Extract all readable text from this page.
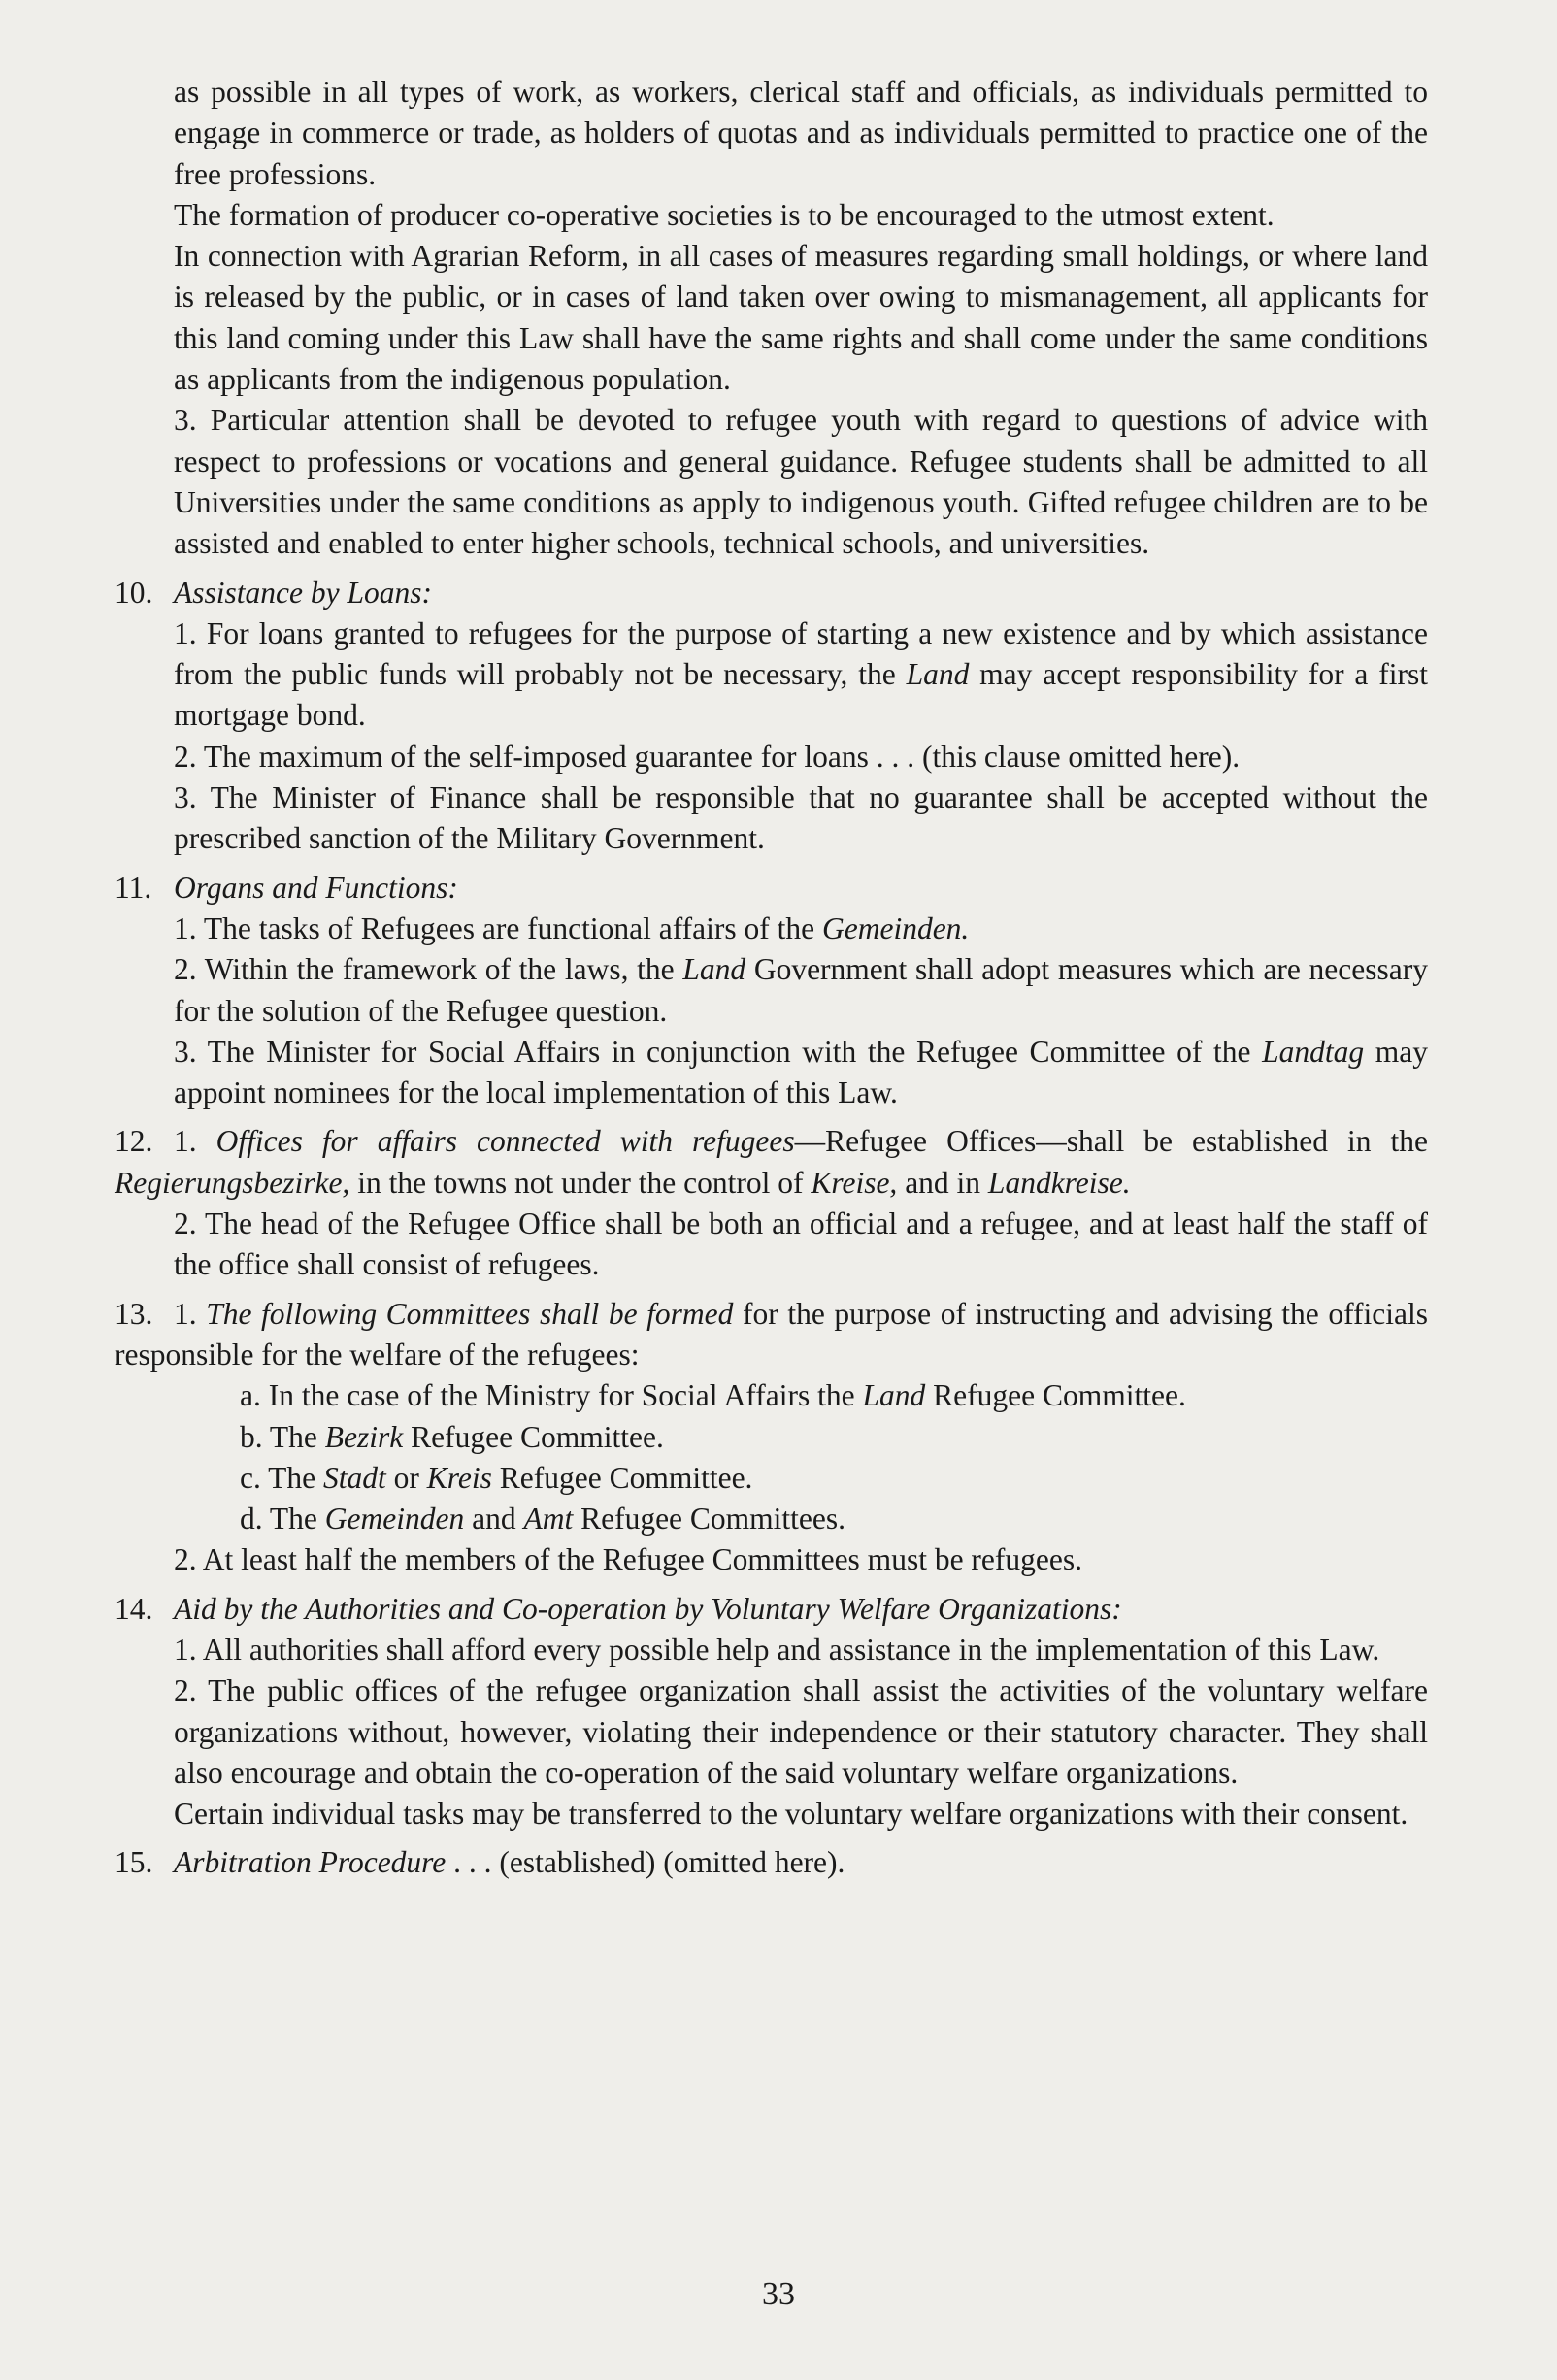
as possible in all types of work, as workers, clerical staff and officials, as individuals permitted to engage in commerce or trade, as holders of quotas and as individuals permitted to practice one of the free professions.

The formation of producer co-operative societies is to be encouraged to the utmost extent.

In connection with Agrarian Reform, in all cases of measures regarding small holdings, or where land is released by the public, or in cases of land taken over owing to mismanagement, all applicants for this land coming under this Law shall have the same rights and shall come under the same conditions as applicants from the indigenous population.

3. Particular attention shall be devoted to refugee youth with regard to questions of advice with respect to professions or vocations and general guidance. Refugee students shall be admitted to all Universities under the same conditions as apply to indigenous youth. Gifted refugee children are to be assisted and enabled to enter higher schools, technical schools, and universities.

10. Assistance by Loans:

1. For loans granted to refugees for the purpose of starting a new existence and by which assistance from the public funds will probably not be necessary, the Land may accept responsibility for a first mortgage bond.

2. The maximum of the self-imposed guarantee for loans . . . (this clause omitted here).

3. The Minister of Finance shall be responsible that no guarantee shall be accepted without the prescribed sanction of the Military Government.

11. Organs and Functions:

1. The tasks of Refugees are functional affairs of the Gemeinden.

2. Within the framework of the laws, the Land Government shall adopt measures which are necessary for the solution of the Refugee question.

3. The Minister for Social Affairs in conjunction with the Refugee Committee of the Landtag may appoint nominees for the local implementation of this Law.

12. 1. Offices for affairs connected with refugees—Refugee Offices—shall be established in the Regierungsbezirke, in the towns not under the control of Kreise, and in Landkreise.

2. The head of the Refugee Office shall be both an official and a refugee, and at least half the staff of the office shall consist of refugees.

13. 1. The following Committees shall be formed for the purpose of instructing and advising the officials responsible for the welfare of the refugees:

a. In the case of the Ministry for Social Affairs the Land Refugee Committee.

b. The Bezirk Refugee Committee.

c. The Stadt or Kreis Refugee Committee.

d. The Gemeinden and Amt Refugee Committees.

2. At least half the members of the Refugee Committees must be refugees.

14. Aid by the Authorities and Co-operation by Voluntary Welfare Organizations:

1. All authorities shall afford every possible help and assistance in the implementation of this Law.

2. The public offices of the refugee organization shall assist the activities of the voluntary welfare organizations without, however, violating their independence or their statutory character. They shall also encourage and obtain the co-operation of the said voluntary welfare organizations.

Certain individual tasks may be transferred to the voluntary welfare organizations with their consent.

15. Arbitration Procedure . . . (established) (omitted here).

33
